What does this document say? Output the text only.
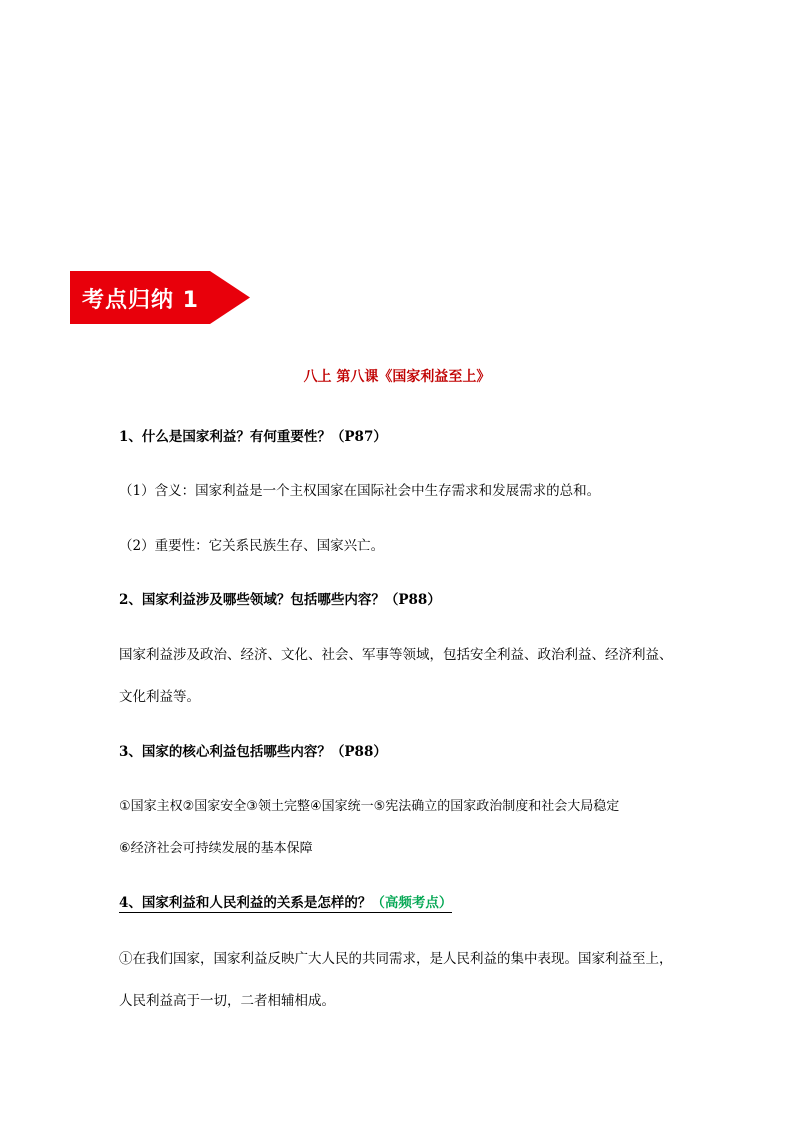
考点归纳 1
八上 第八课《国家利益至上》
1、什么是国家利益？有何重要性？（P87）
（1）含义：国家利益是一个主权国家在国际社会中生存需求和发展需求的总和。
（2）重要性：它关系民族生存、国家兴亡。
2、国家利益涉及哪些领域？包括哪些内容？（P88）
国家利益涉及政治、经济、文化、社会、军事等领域，包括安全利益、政治利益、经济利益、
文化利益等。
3、国家的核心利益包括哪些内容？（P88）
①国家主权②国家安全③领土完整④国家统一⑤宪法确立的国家政治制度和社会大局稳定
⑥经济社会可持续发展的基本保障
4、国家利益和人民利益的关系是怎样的？（高频考点）
①在我们国家，国家利益反映广大人民的共同需求，是人民利益的集中表现。国家利益至上，
人民利益高于一切，二者相辅相成。
